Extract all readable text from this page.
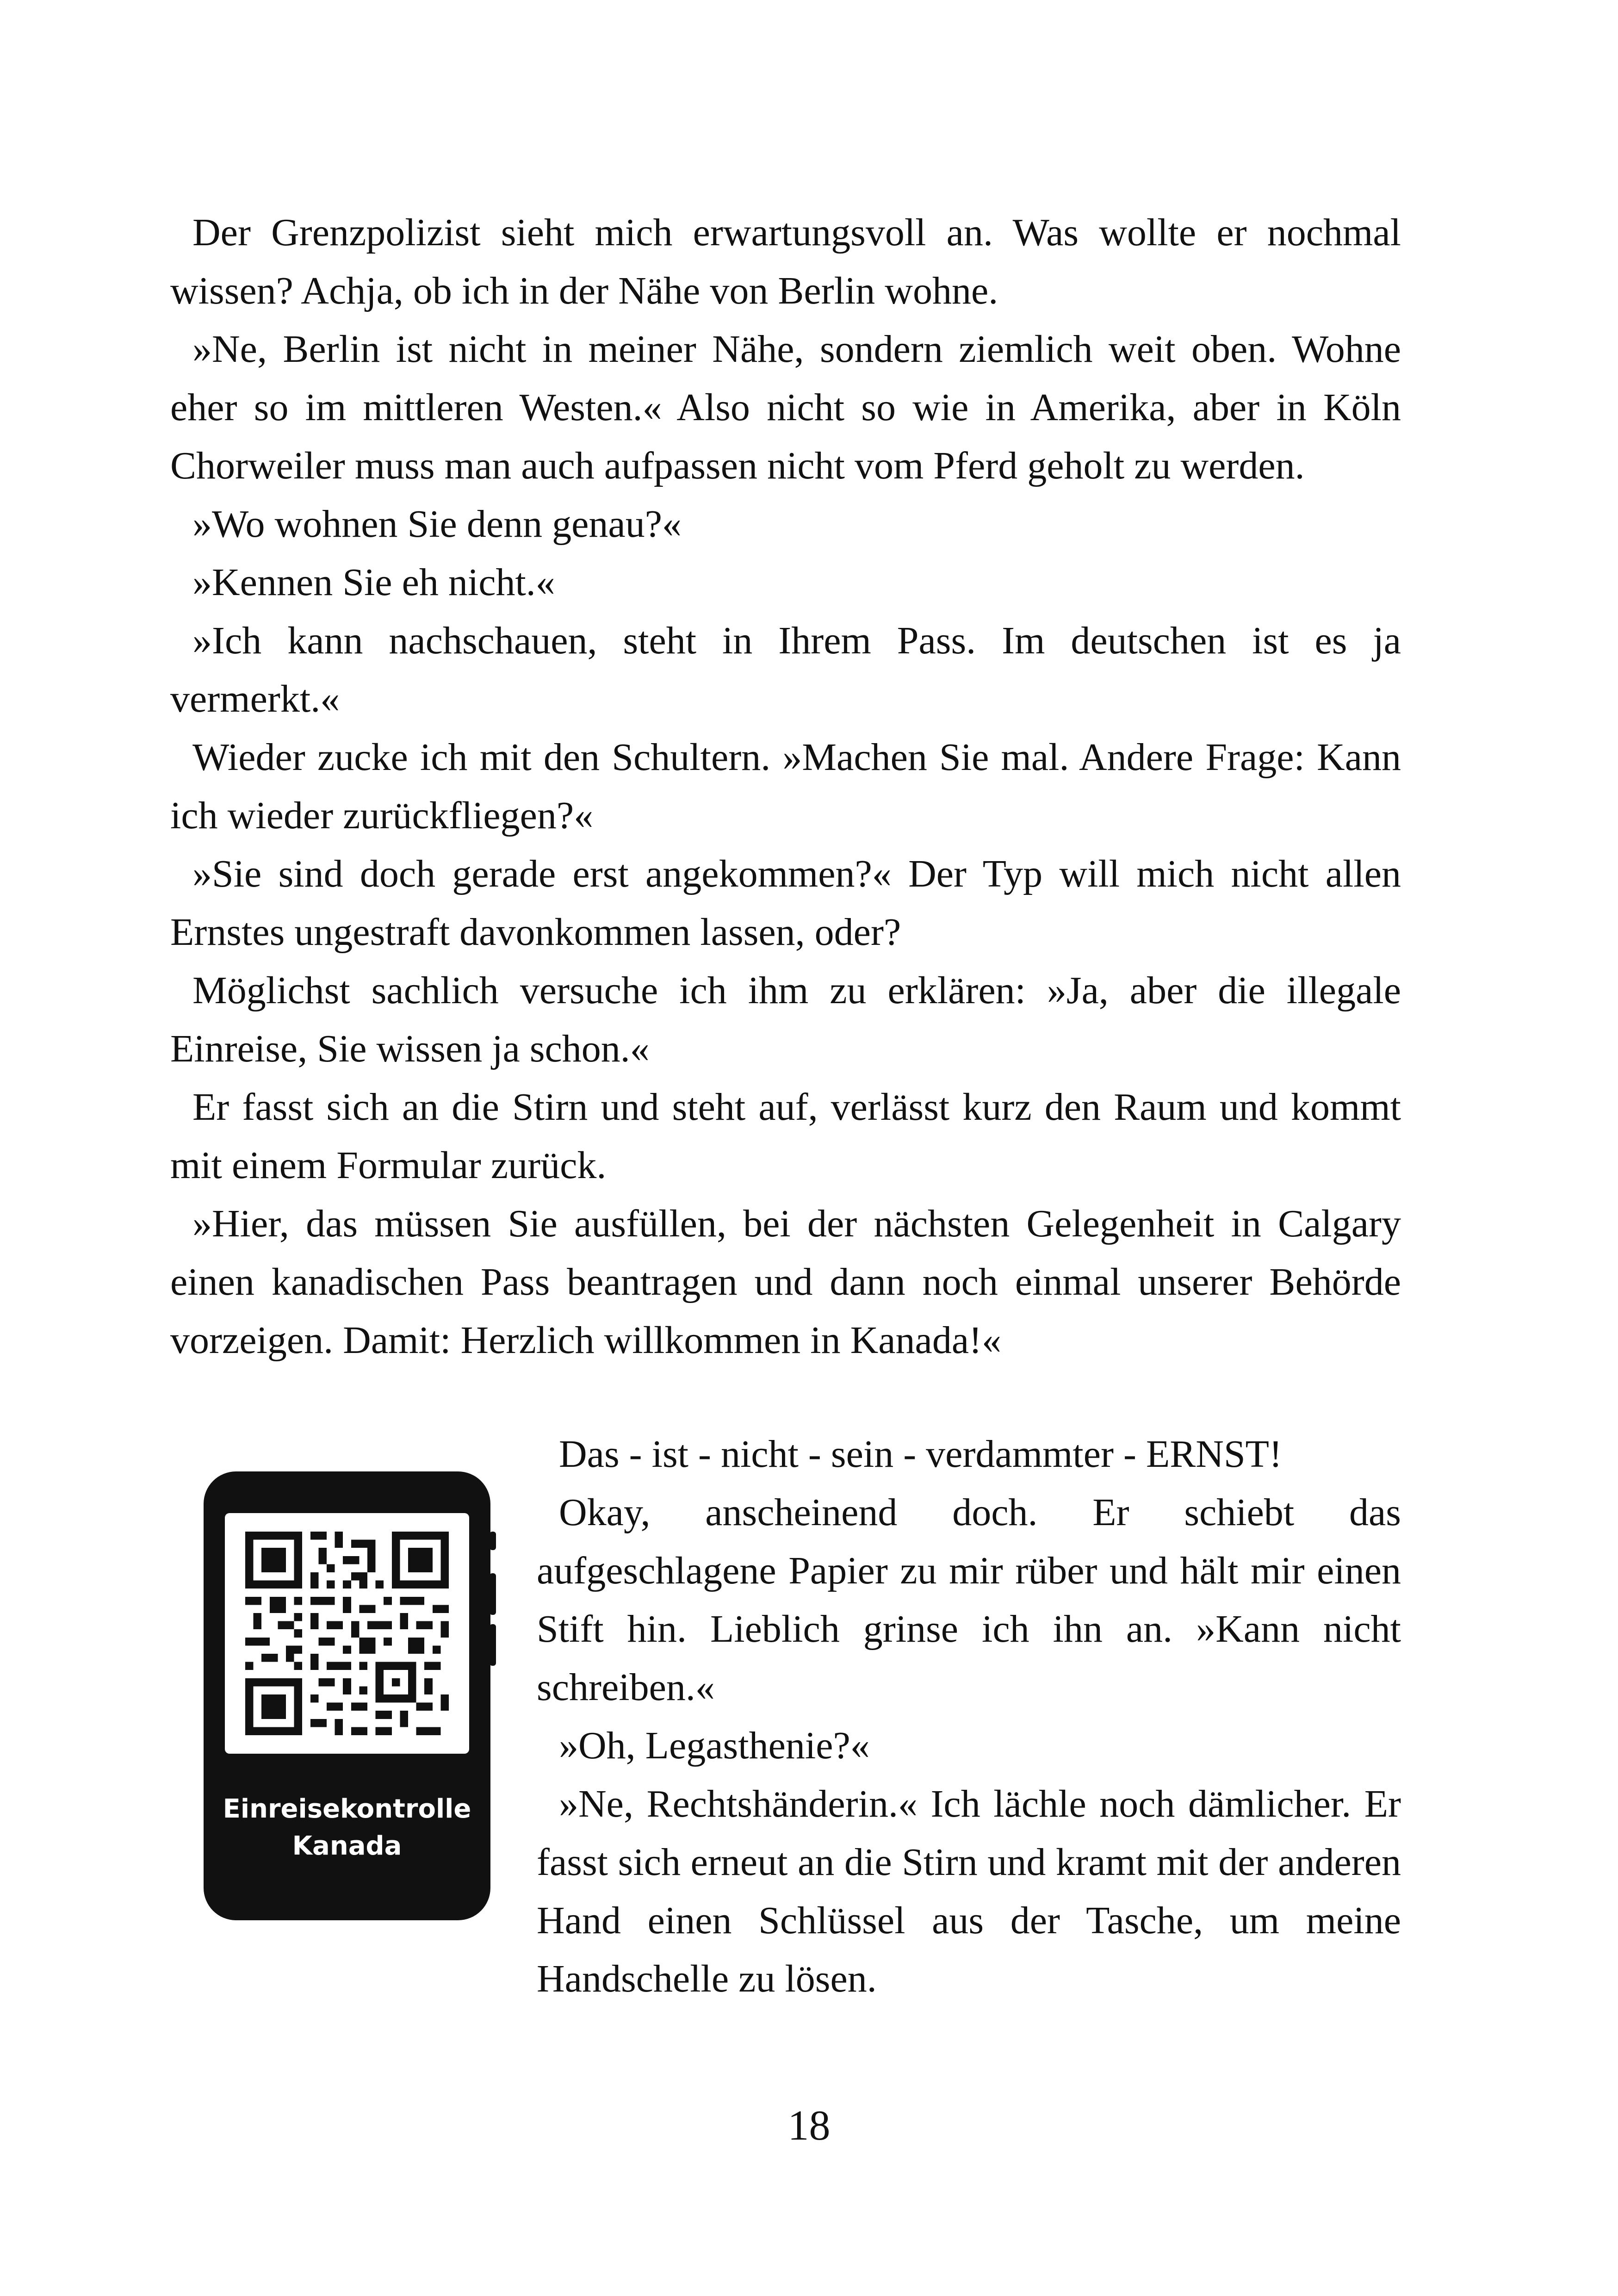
Der Grenzpolizist sieht mich erwartungsvoll an. Was wollte er nochmal wissen? Achja, ob ich in der Nähe von Berlin wohne.

»Ne, Berlin ist nicht in meiner Nähe, sondern ziemlich weit oben. Wohne eher so im mittleren Westen.« Also nicht so wie in Amerika, aber in Köln Chorweiler muss man auch aufpassen nicht vom Pferd geholt zu werden.

»Wo wohnen Sie denn genau?«

»Kennen Sie eh nicht.«

»Ich kann nachschauen, steht in Ihrem Pass. Im deutschen ist es ja vermerkt.«

Wieder zucke ich mit den Schultern. »Machen Sie mal. Andere Frage: Kann ich wieder zurückfliegen?«

»Sie sind doch gerade erst angekommen?« Der Typ will mich nicht allen Ernstes ungestraft davonkommen lassen, oder?

Möglichst sachlich versuche ich ihm zu erklären: »Ja, aber die illegale Einreise, Sie wissen ja schon.«

Er fasst sich an die Stirn und steht auf, verlässt kurz den Raum und kommt mit einem Formular zurück.

»Hier, das müssen Sie ausfüllen, bei der nächsten Gelegenheit in Calgary einen kanadischen Pass beantragen und dann noch einmal unserer Behörde vorzeigen. Damit: Herzlich willkommen in Kanada!«

Einreisekontrolle
Kanada

Das - ist - nicht - sein - verdammter - ERNST!

Okay, anscheinend doch. Er schiebt das aufgeschlagene Papier zu mir rüber und hält mir einen Stift hin. Lieblich grinse ich ihn an. »Kann nicht schreiben.«

»Oh, Legasthenie?«

»Ne, Rechtshänderin.« Ich lächle noch dämlicher. Er fasst sich erneut an die Stirn und kramt mit der anderen Hand einen Schlüssel aus der Tasche, um meine Handschelle zu lösen.

18
